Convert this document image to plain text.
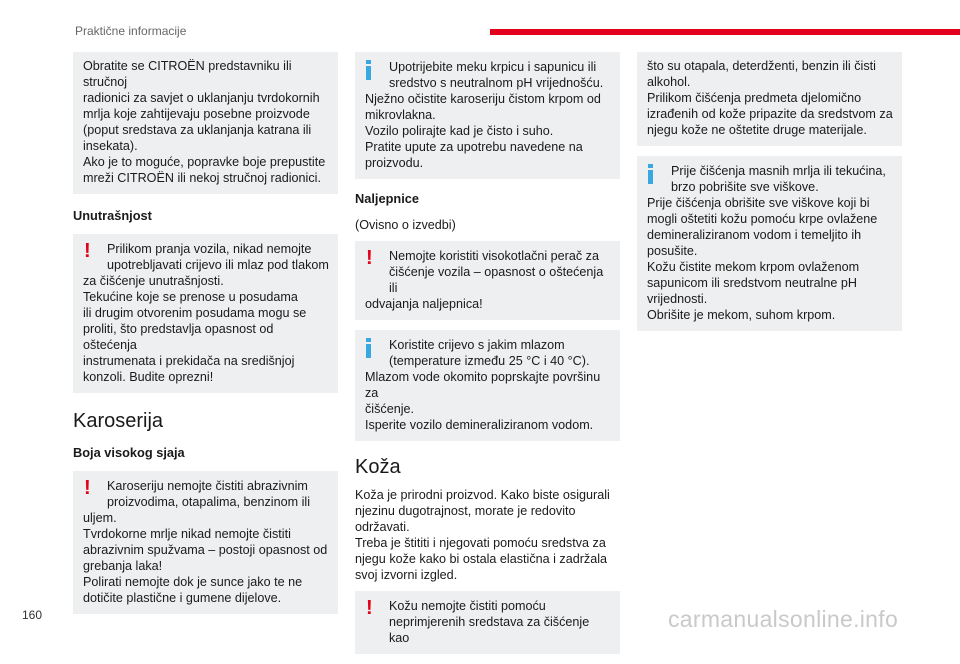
Praktične informacije

Obratite se CITROËN predstavniku ili stručnoj

radionici za savjet o uklanjanju tvrdokornih

mrlja koje zahtijevaju posebne proizvode

(poput sredstava za uklanjanja katrana ili

insekata).

Ako je to moguće, popravke boje prepustite

mreži CITROËN ili nekoj stručnoj radionici.

Unutrašnjost
! Prilikom pranja vozila, nikad nemojte

upotrebljavati crijevo ili mlaz pod tlakom

za čišćenje unutrašnjosti.

Tekućine koje se prenose u posudama

ili drugim otvorenim posudama mogu se

proliti, što predstavlja opasnost od oštećenja

instrumenata i prekidača na središnjoj

konzoli. Budite oprezni!

Karoserija
Boja visokog sjaja
! Karoseriju nemojte čistiti abrazivnim

proizvodima, otapalima, benzinom ili

uljem.

Tvrdokorne mrlje nikad nemojte čistiti

abrazivnim spužvama – postoji opasnost od

grebanja laka!

Polirati nemojte dok je sunce jako te ne

dotičite plastične i gumene dijelove.

Upotrijebite meku krpicu i sapunicu ili

sredstvo s neutralnom pH vrijednošću.

Nježno očistite karoseriju čistom krpom od

mikrovlakna.

Vozilo polirajte kad je čisto i suho.

Pratite upute za upotrebu navedene na

proizvodu.

Naljepnice
(Ovisno o izvedbi)
! Nemojte koristiti visokotlačni perač za

čišćenje vozila – opasnost o oštećenja ili

odvajanja naljepnica!

Koristite crijevo s jakim mlazom

(temperature između 25 °C i 40 °C).

Mlazom vode okomito poprskajte površinu za

čišćenje.

Isperite vozilo demineraliziranom vodom.

Koža

Koža je prirodni proizvod. Kako biste osigurali

njezinu dugotrajnost, morate je redovito

održavati.

Treba je štititi i njegovati pomoću sredstva za

njegu kože kako bi ostala elastična i zadržala

svoj izvorni izgled.

! Kožu nemojte čistiti pomoću

neprimjerenih sredstava za čišćenje kao

što su otapala, deterdženti, benzin ili čisti

alkohol.

Prilikom čišćenja predmeta djelomično

izrađenih od kože pripazite da sredstvom za

njegu kože ne oštetite druge materijale.

Prije čišćenja masnih mrlja ili tekućina,

brzo pobrišite sve viškove.

Prije čišćenja obrišite sve viškove koji bi

mogli oštetiti kožu pomoću krpe ovlažene

demineraliziranom vodom i temeljito ih

posušite.

Kožu čistite mekom krpom ovlaženom

sapunicom ili sredstvom neutralne pH

vrijednosti.

Obrišite je mekom, suhom krpom.

160	carmanualsonline.info
